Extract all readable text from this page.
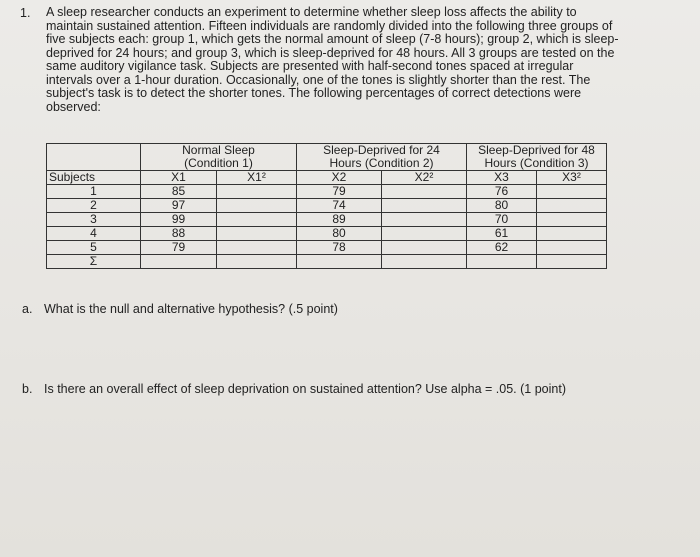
1. A sleep researcher conducts an experiment to determine whether sleep loss affects the ability to
maintain sustained attention. Fifteen individuals are randomly divided into the following three groups of
five subjects each: group 1, which gets the normal amount of sleep (7-8 hours); group 2, which is sleep-
deprived for 24 hours; and group 3, which is sleep-deprived for 48 hours. All 3 groups are tested on the
same auditory vigilance task. Subjects are presented with half-second tones spaced at irregular
intervals over a 1-hour duration. Occasionally, one of the tones is slightly shorter than the rest. The
subject's task is to detect the shorter tones. The following percentages of correct detections were
observed:
	Normal Sleep
(Condition 1)		Sleep-Deprived for 24
Hours (Condition 2)		Sleep-Deprived for 48
Hours (Condition 3)	
Subjects	X1	X1²	X2	X2²	X3	X3²
1	85		79		76	
2	97		74		80	
3	99		89		70	
4	88		80		61	
5	79		78		62	
Σ						
a. What is the null and alternative hypothesis? (.5 point)
b. Is there an overall effect of sleep deprivation on sustained attention? Use alpha = .05. (1 point)
